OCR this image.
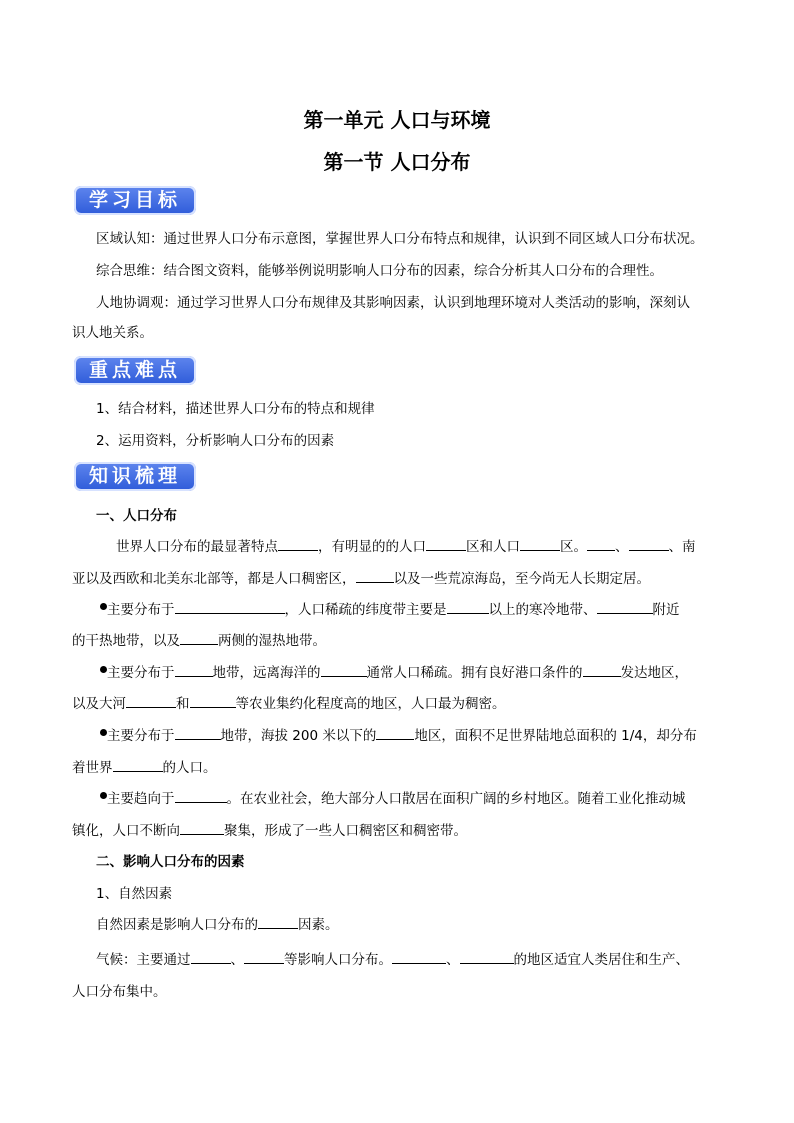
第一单元 人口与环境
第一节 人口分布
学习目标
区域认知：通过世界人口分布示意图，掌握世界人口分布特点和规律，认识到不同区域人口分布状况。
综合思维：结合图文资料，能够举例说明影响人口分布的因素，综合分析其人口分布的合理性。
人地协调观：通过学习世界人口分布规律及其影响因素，认识到地理环境对人类活动的影响，深刻认
识人地关系。
重点难点
1、结合材料，描述世界人口分布的特点和规律
2、运用资料，分析影响人口分布的因素
知识梳理
一、人口分布
世界人口分布的最显著特点	，有明显的的人口	区和人口	区。 、	、南
亚以及西欧和北美东北部等，都是人口稠密区，	以及一些荒凉海岛，至今尚无人长期定居。
主要分布于	，人口稀疏的纬度带主要是	以上的寒冷地带、	附近
的干热地带，以及	两侧的湿热地带。
主要分布于	地带，远离海洋的	通常人口稀疏。拥有良好港口条件的	发达地区，
以及大河	和	等农业集约化程度高的地区，人口最为稠密。
主要分布于	地带，海拔 200 米以下的	地区，面积不足世界陆地总面积的 1/4，却分布
着世界	的人口。
主要趋向于	。在农业社会，绝大部分人口散居在面积广阔的乡村地区。随着工业化推动城
镇化，人口不断向	聚集，形成了一些人口稠密区和稠密带。
二、影响人口分布的因素
1、自然因素
自然因素是影响人口分布的	因素。
气候：主要通过	、	等影响人口分布。	、	的地区适宜人类居住和生产、
人口分布集中。
